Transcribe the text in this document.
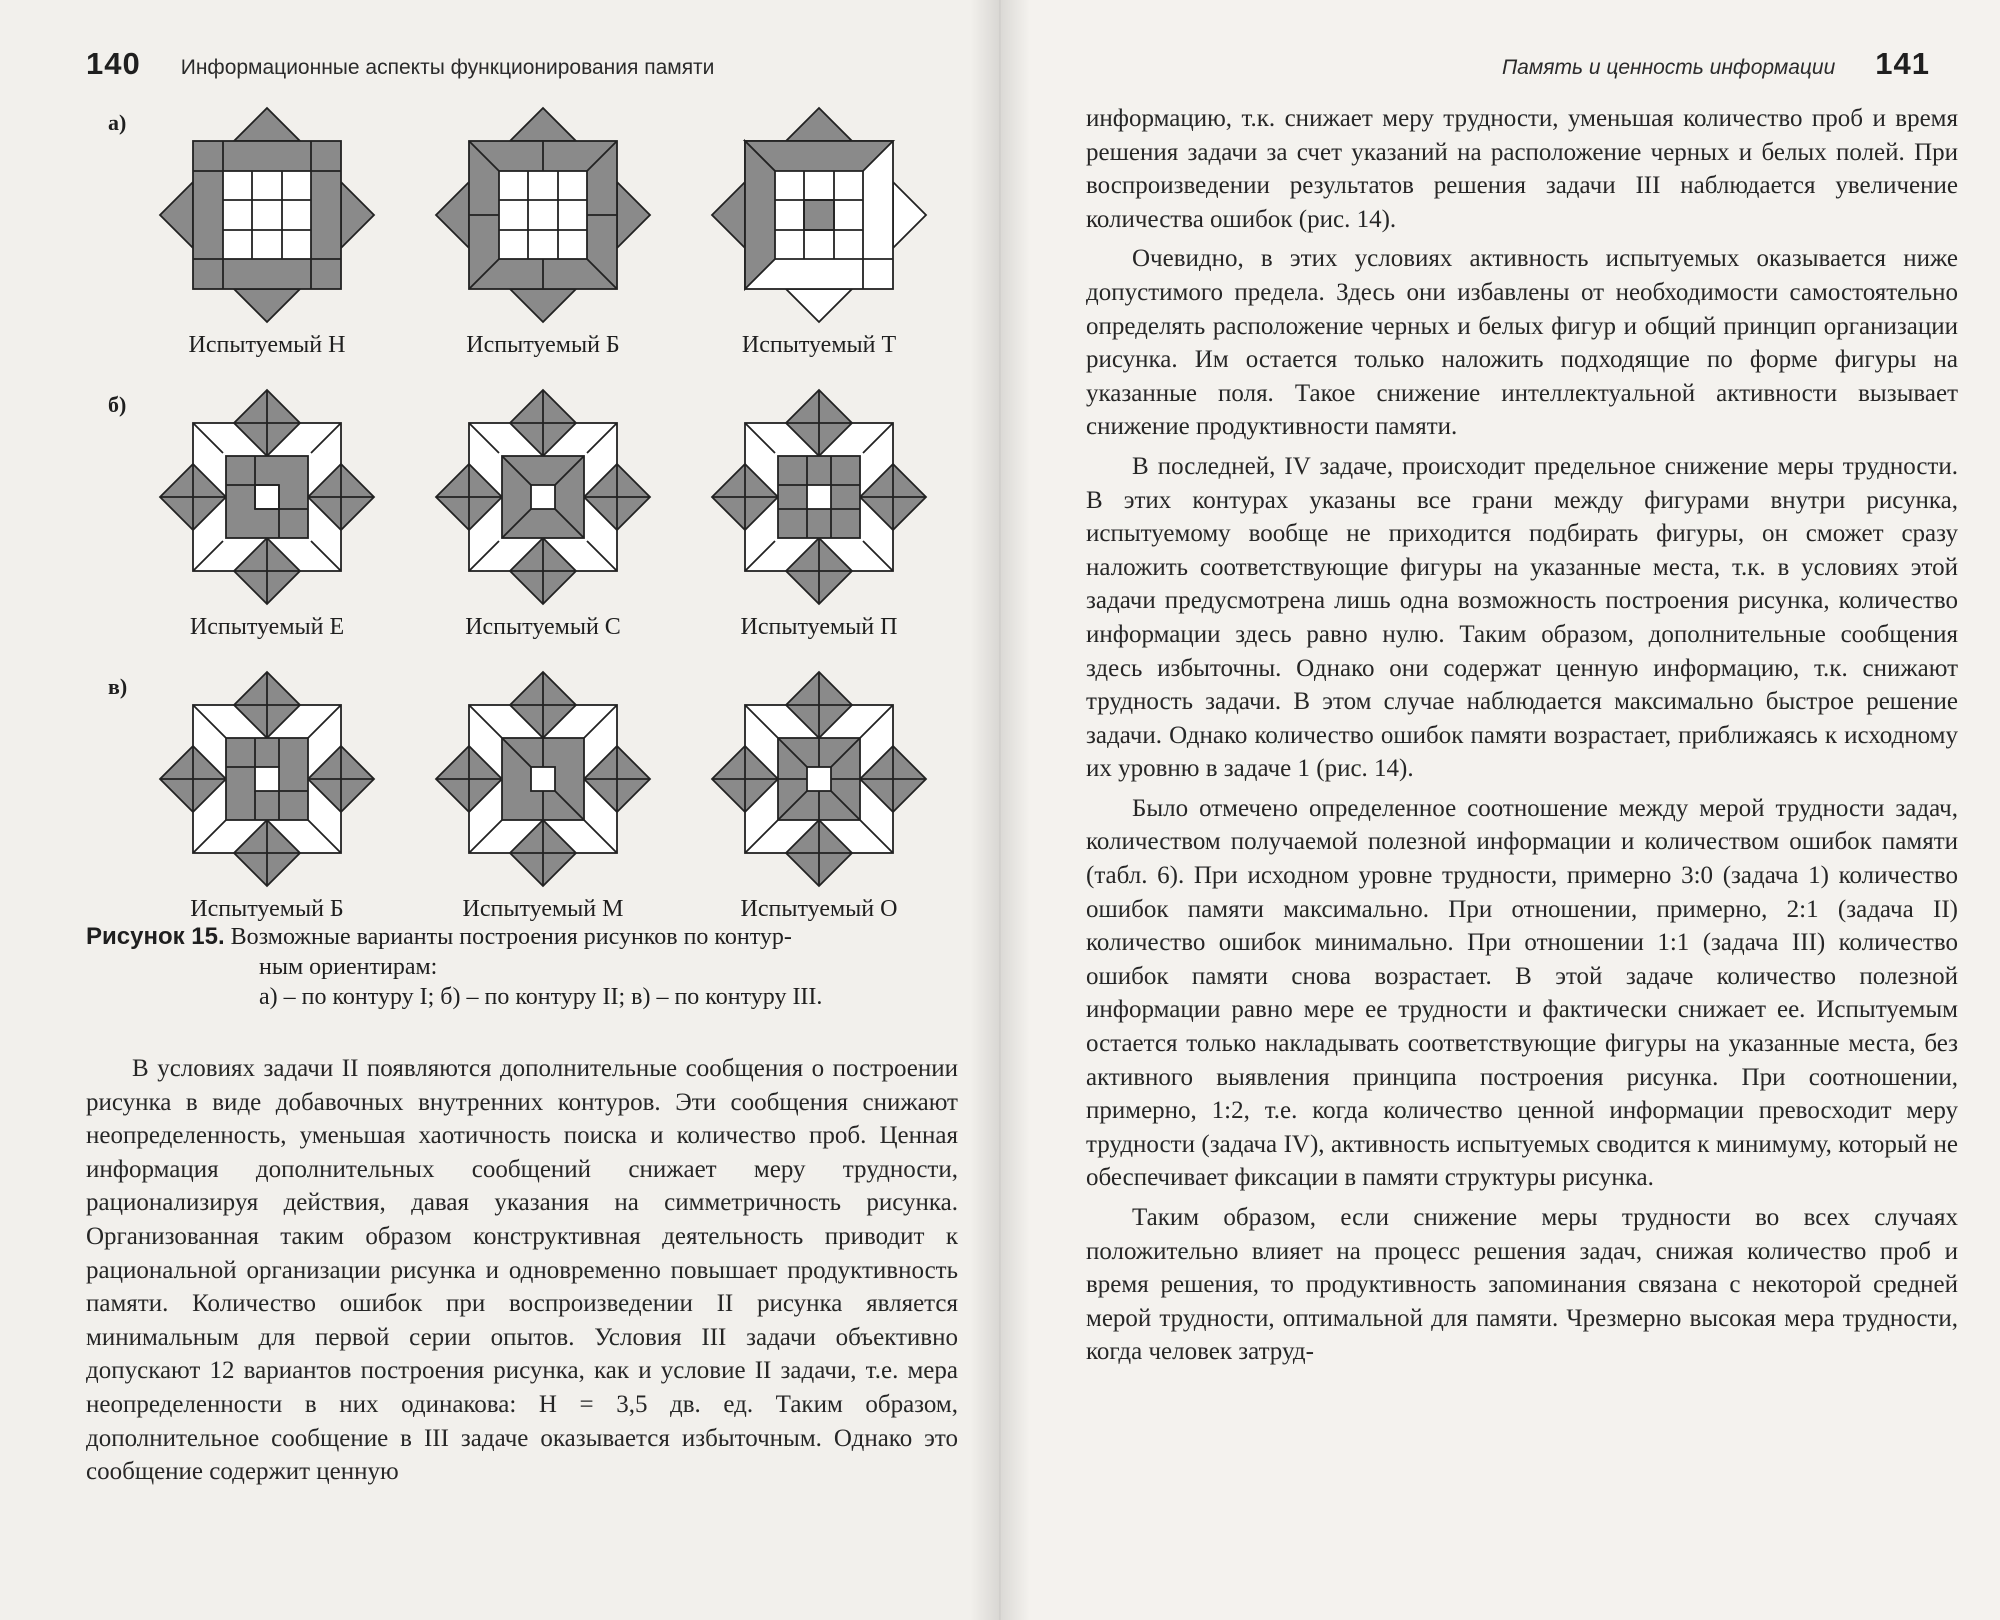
140 Информационные аспекты функционирования памяти
а)
Испытуемый Н	Испытуемый Б	Испытуемый Т
б)
Испытуемый Е	Испытуемый С	Испытуемый П
в)
Испытуемый Б	Испытуемый М	Испытуемый О
Рисунок 15. Возможные варианты построения рисунков по контур-
ным ориентирам:
а) – по контуру I; б) – по контуру II; в) – по контуру III.

В условиях задачи II появляются дополнительные сообщения о построении рисунка в виде добавочных внутренних контуров. Эти сообщения снижают неопределенность, уменьшая хаотичность поиска и количество проб. Ценная информация дополнительных сообщений снижает меру трудности, рационализируя действия, давая указания на симметричность рисунка. Организованная таким образом конструктивная деятельность приводит к рациональной организации рисунка и одновременно повышает продуктивность памяти. Количество ошибок при воспроизведении II рисунка является минимальным для первой серии опытов. Условия III задачи объективно допускают 12 вариантов построения рисунка, как и условие II задачи, т.е. мера неопределенности в них одинакова: H = 3,5 дв. ед. Таким образом, дополнительное сообщение в III задаче оказывается избыточным. Однако это сообщение содержит ценную

Память и ценность информации 141

информацию, т.к. снижает меру трудности, уменьшая количество проб и время решения задачи за счет указаний на расположение черных и белых полей. При воспроизведении результатов решения задачи III наблюдается увеличение количества ошибок (рис. 14).

Очевидно, в этих условиях активность испытуемых оказывается ниже допустимого предела. Здесь они избавлены от необходимости самостоятельно определять расположение черных и белых фигур и общий принцип организации рисунка. Им остается только наложить подходящие по форме фигуры на указанные поля. Такое снижение интеллектуальной активности вызывает снижение продуктивности памяти.

В последней, IV задаче, происходит предельное снижение меры трудности. В этих контурах указаны все грани между фигурами внутри рисунка, испытуемому вообще не приходится подбирать фигуры, он сможет сразу наложить соответствующие фигуры на указанные места, т.к. в условиях этой задачи предусмотрена лишь одна возможность построения рисунка, количество информации здесь равно нулю. Таким образом, дополнительные сообщения здесь избыточны. Однако они содержат ценную информацию, т.к. снижают трудность задачи. В этом случае наблюдается максимально быстрое решение задачи. Однако количество ошибок памяти возрастает, приближаясь к исходному их уровню в задаче 1 (рис. 14).

Было отмечено определенное соотношение между мерой трудности задач, количеством получаемой полезной информации и количеством ошибок памяти (табл. 6). При исходном уровне трудности, примерно 3:0 (задача 1) количество ошибок памяти максимально. При отношении, примерно, 2:1 (задача II) количество ошибок минимально. При отношении 1:1 (задача III) количество ошибок памяти снова возрастает. В этой задаче количество полезной информации равно мере ее трудности и фактически снижает ее. Испытуемым остается только накладывать соответствующие фигуры на указанные места, без активного выявления принципа построения рисунка. При соотношении, примерно, 1:2, т.е. когда количество ценной информации превосходит меру трудности (задача IV), активность испытуемых сводится к минимуму, который не обеспечивает фиксации в памяти структуры рисунка.

Таким образом, если снижение меры трудности во всех случаях положительно влияет на процесс решения задач, снижая количество проб и время решения, то продуктивность запоминания связана с некоторой средней мерой трудности, оптимальной для памяти. Чрезмерно высокая мера трудности, когда человек затруд-
